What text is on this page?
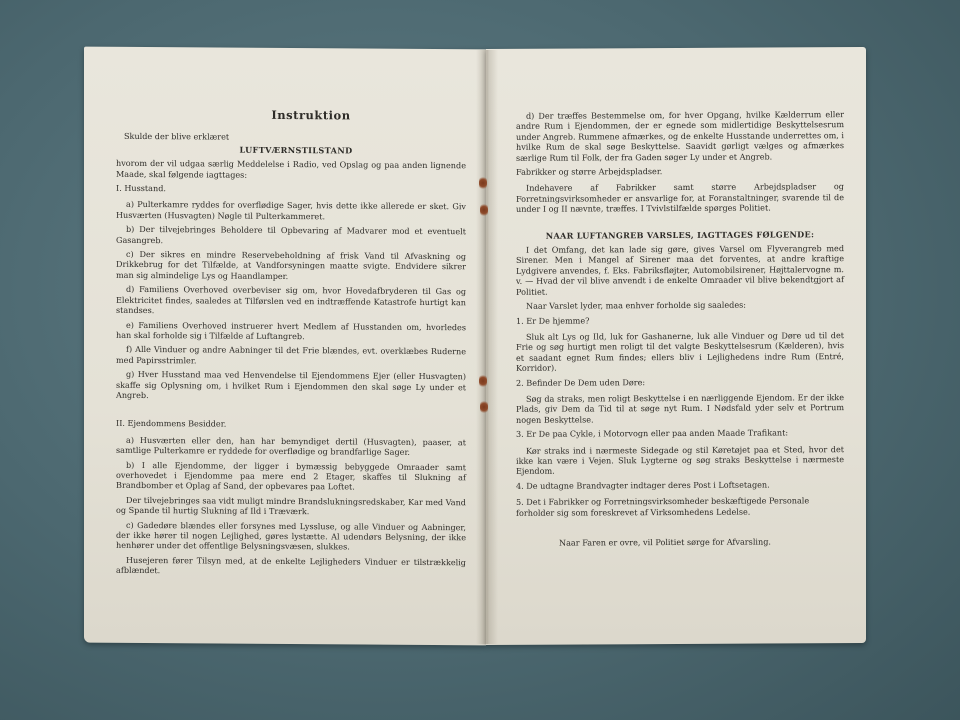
Instruktion
Skulde der blive erklæret
LUFTVÆRNSTILSTAND

hvorom der vil udgaa særlig Meddelelse i Radio, ved Opslag og paa anden lignende Maade, skal følgende iagttages:

I. Husstand.

a) Pulterkamre ryddes for overflødige Sager, hvis dette ikke allerede er sket. Giv Husværten (Husvagten) Nøgle til Pulterkammeret.

b) Der tilvejebringes Beholdere til Opbevaring af Madvarer mod et eventuelt Gasangreb.

c) Der sikres en mindre Reservebeholdning af frisk Vand til Afvaskning og Drikkebrug for det Tilfælde, at Vandforsyningen maatte svigte. Endvidere sikrer man sig almindelige Lys og Haandlamper.

d) Familiens Overhoved overbeviser sig om, hvor Hovedafbryderen til Gas og Elektricitet findes, saaledes at Tilførslen ved en indtræffende Katastrofe hurtigt kan standses.

e) Familiens Overhoved instruerer hvert Medlem af Husstanden om, hvorledes han skal forholde sig i Tilfælde af Luftangreb.

f) Alle Vinduer og andre Aabninger til det Frie blændes, evt. overklæbes Ruderne med Papirsstrimler.

g) Hver Husstand maa ved Henvendelse til Ejendommens Ejer (eller Husvagten) skaffe sig Oplysning om, i hvilket Rum i Ejendommen den skal søge Ly under et Angreb.

II. Ejendommens Besidder.

a) Husværten eller den, han har bemyndiget dertil (Husvagten), paaser, at samtlige Pulterkamre er ryddede for overflødige og brandfarlige Sager.

b) I alle Ejendomme, der ligger i bymæssig bebyggede Omraader samt overhovedet i Ejendomme paa mere end 2 Etager, skaffes til Slukning af Brandbomber et Oplag af Sand, der opbevares paa Loftet.

Der tilvejebringes saa vidt muligt mindre Brandslukningsredskaber, Kar med Vand og Spande til hurtig Slukning af Ild i Træværk.

c) Gadedøre blændes eller forsynes med Lyssluse, og alle Vinduer og Aabninger, der ikke hører til nogen Lejlighed, gøres lystætte. Al udendørs Belysning, der ikke henhører under det offentlige Belysningsvæsen, slukkes.

Husejeren fører Tilsyn med, at de enkelte Lejligheders Vinduer er tilstrækkelig afblændet.

d) Der træffes Bestemmelse om, for hver Opgang, hvilke Kælderrum eller andre Rum i Ejendommen, der er egnede som midlertidige Beskyttelsesrum under Angreb. Rummene afmærkes, og de enkelte Husstande underrettes om, i hvilke Rum de skal søge Beskyttelse. Saavidt gørligt vælges og afmærkes særlige Rum til Folk, der fra Gaden søger Ly under et Angreb.

Fabrikker og større Arbejdspladser.

Indehavere af Fabrikker samt større Arbejdspladser og Forretningsvirksomheder er ansvarlige for, at Foranstaltninger, svarende til de under I og II nævnte, træffes. I Tvivlstilfælde spørges Politiet.

NAAR LUFTANGREB VARSLES, IAGTTAGES FØLGENDE:

I det Omfang, det kan lade sig gøre, gives Varsel om Flyverangreb med Sirener. Men i Mangel af Sirener maa det forventes, at andre kraftige Lydgivere anvendes, f. Eks. Fabriksfløjter, Automobilsirener, Højttalervogne m. v. — Hvad der vil blive anvendt i de enkelte Omraader vil blive bekendtgjort af Politiet.

Naar Varslet lyder, maa enhver forholde sig saaledes:

1. Er De hjemme?

Sluk alt Lys og Ild, luk for Gashanerne, luk alle Vinduer og Døre ud til det Frie og søg hurtigt men roligt til det valgte Beskyttelsesrum (Kælderen), hvis et saadant egnet Rum findes; ellers bliv i Lejlighedens indre Rum (Entré, Korridor).

2. Befinder De Dem uden Døre:

Søg da straks, men roligt Beskyttelse i en nærliggende Ejendom. Er der ikke Plads, giv Dem da Tid til at søge nyt Rum. I Nødsfald yder selv et Portrum nogen Beskyttelse.

3. Er De paa Cykle, i Motorvogn eller paa anden Maade Trafikant:

Kør straks ind i nærmeste Sidegade og stil Køretøjet paa et Sted, hvor det ikke kan være i Vejen. Sluk Lygterne og søg straks Beskyttelse i nærmeste Ejendom.

4. De udtagne Brandvagter indtager deres Post i Loftsetagen.
5. Det i Fabrikker og Forretningsvirksomheder beskæftigede Personale forholder sig som foreskrevet af Virksomhedens Ledelse.
Naar Faren er ovre, vil Politiet sørge for Afvarsling.
